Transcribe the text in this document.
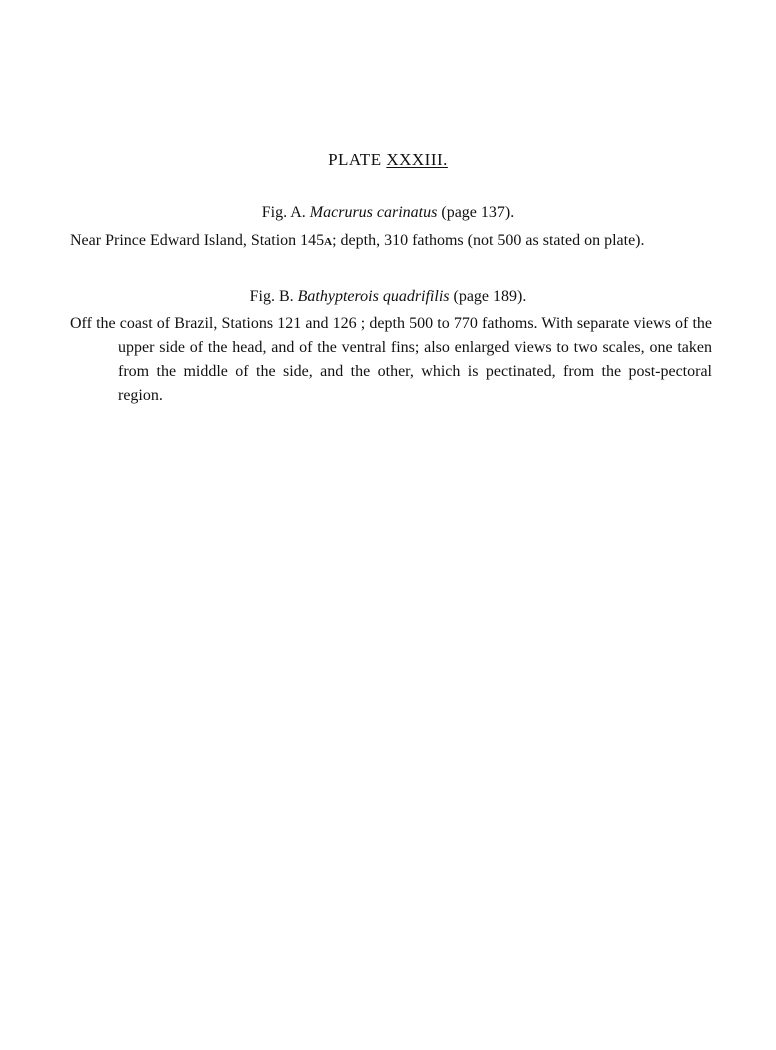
PLATE XXXIII.
Fig. A. Macrurus carinatus (page 137).
Near Prince Edward Island, Station 145A; depth, 310 fathoms (not 500 as stated on plate).
Fig. B. Bathypterois quadrifilis (page 189).
Off the coast of Brazil, Stations 121 and 126 ; depth 500 to 770 fathoms. With separate views of the upper side of the head, and of the ventral fins; also enlarged views to two scales, one taken from the middle of the side, and the other, which is pectinated, from the post-pectoral region.
